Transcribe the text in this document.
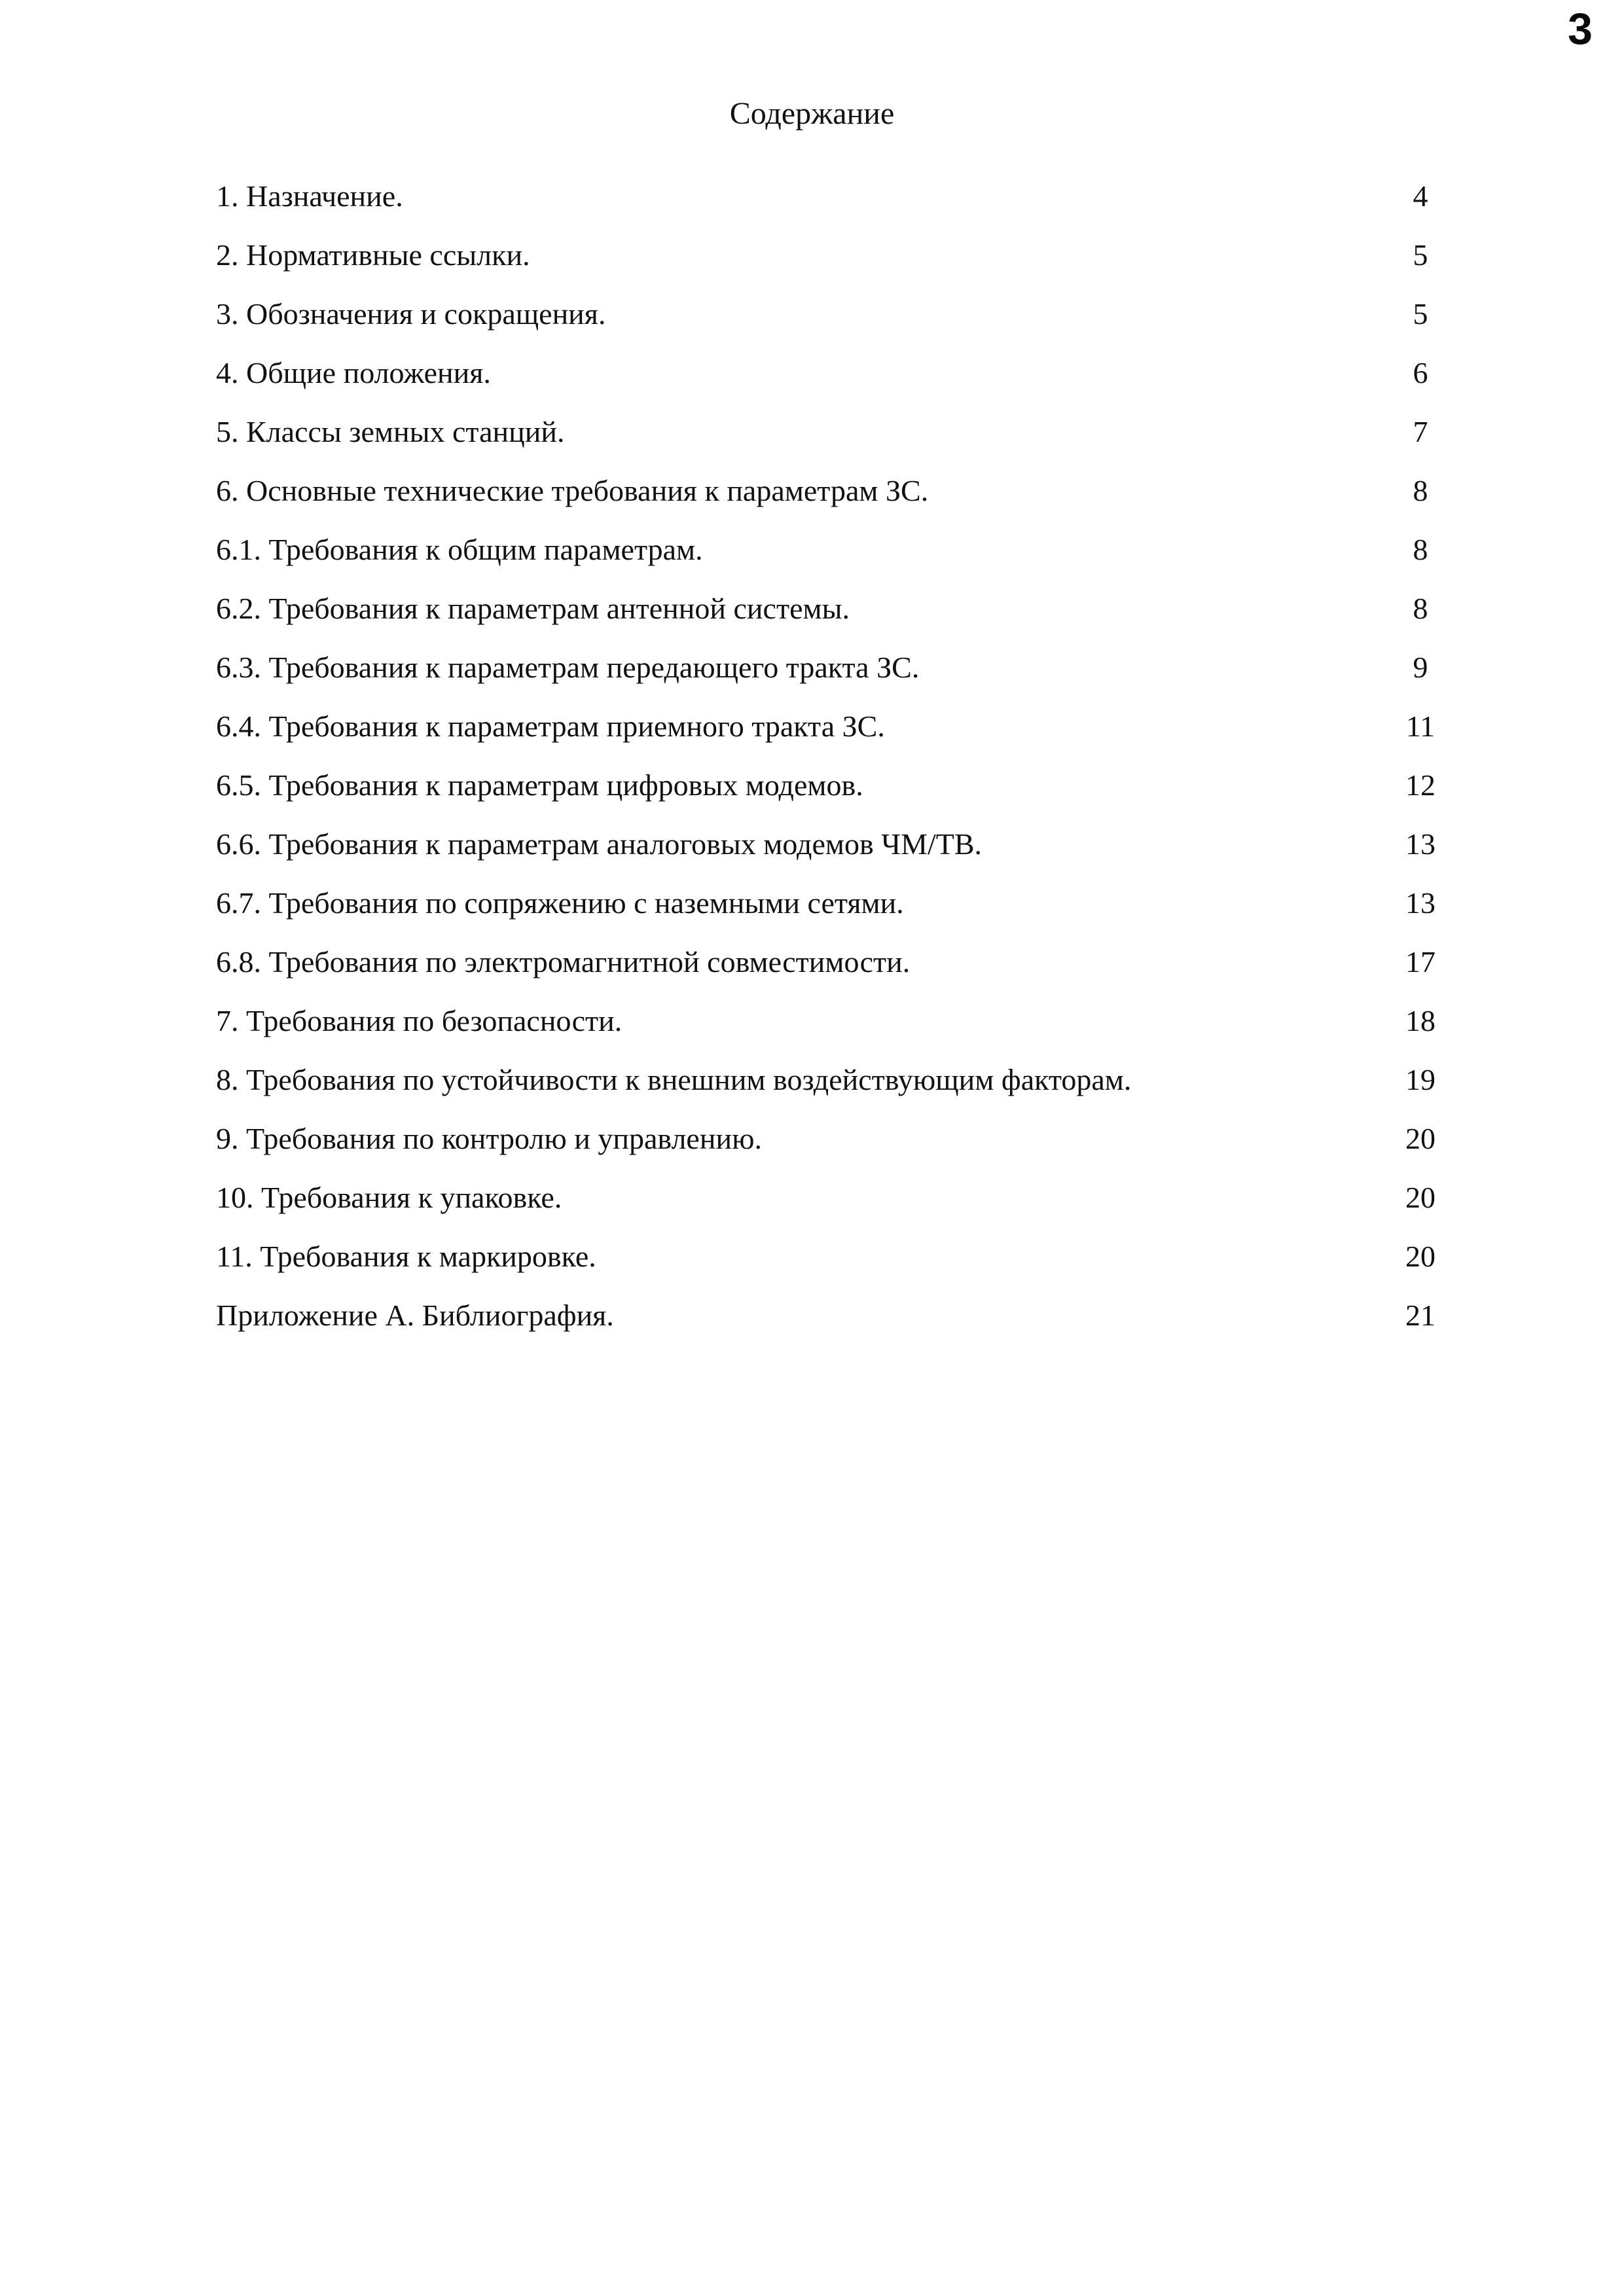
3
Содержание
1. Назначение.	4
2. Нормативные ссылки.	5
3. Обозначения и сокращения.	5
4. Общие положения.	6
5. Классы земных станций.	7
6. Основные технические требования к параметрам ЗС.	8
6.1. Требования к общим параметрам.	8
6.2. Требования к параметрам антенной системы.	8
6.3. Требования к параметрам передающего тракта ЗС.	9
6.4. Требования к параметрам приемного тракта ЗС.	11
6.5. Требования к параметрам цифровых модемов.	12
6.6. Требования к параметрам аналоговых модемов ЧМ/ТВ.	13
6.7. Требования по сопряжению с наземными сетями.	13
6.8. Требования по электромагнитной совместимости.	17
7. Требования по безопасности.	18
8. Требования по устойчивости к внешним воздействующим факторам.	19
9. Требования по контролю и управлению.	20
10. Требования к упаковке.	20
11. Требования к маркировке.	20
Приложение А. Библиография.	21
